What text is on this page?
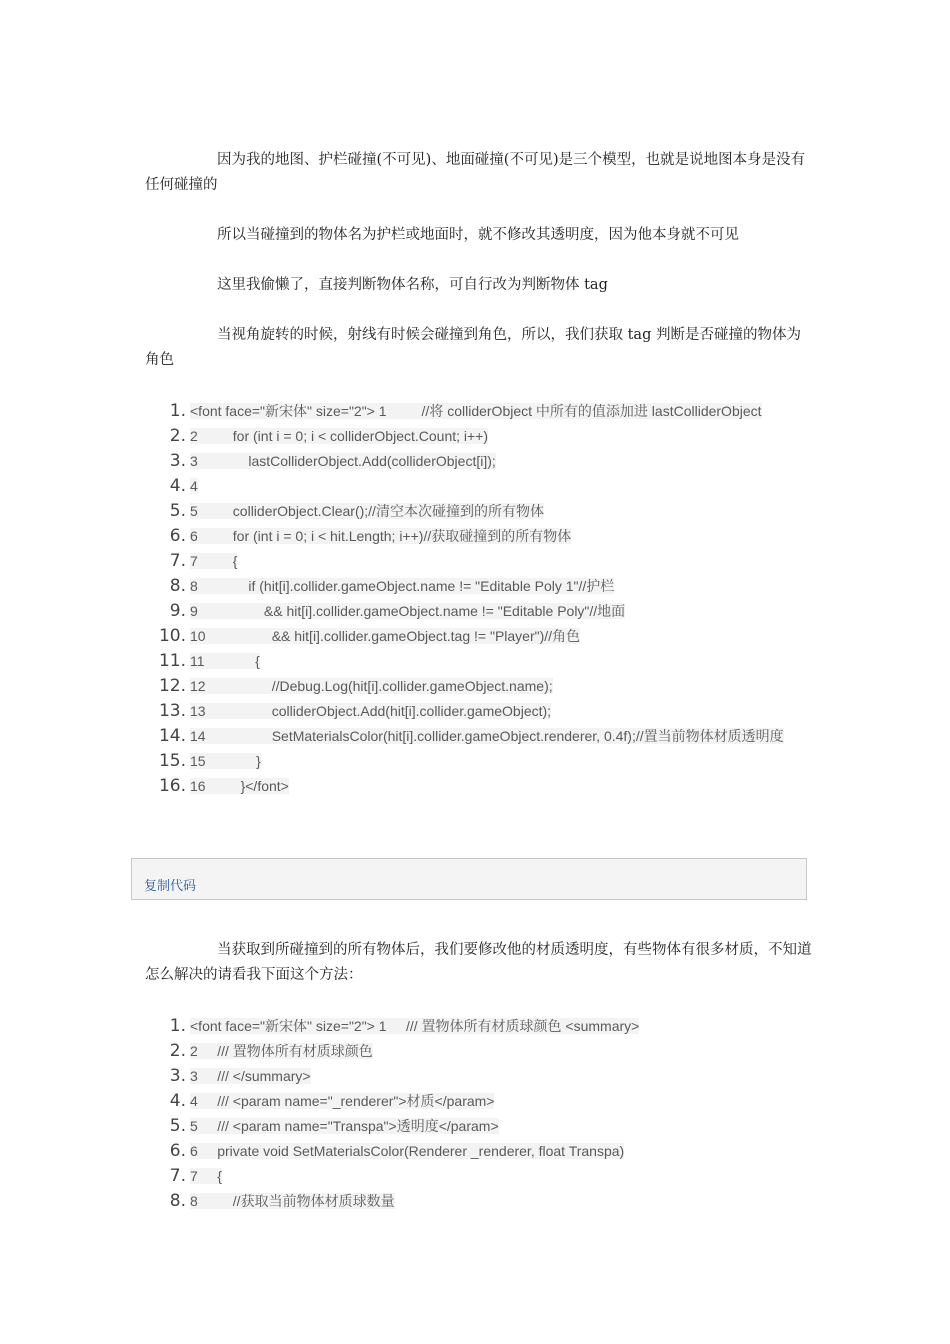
因为我的地图、护栏碰撞(不可见)、地面碰撞(不可见)是三个模型，也就是说地图本身是没有任何碰撞的

所以当碰撞到的物体名为护栏或地面时，就不修改其透明度，因为他本身就不可见

这里我偷懒了，直接判断物体名称，可自行改为判断物体 tag

当视角旋转的时候，射线有时候会碰撞到角色，所以，我们获取 tag 判断是否碰撞的物体为角色

1. <font face="新宋体" size="2"> 1         //将 colliderObject 中所有的值添加进 lastColliderObject
2. 2         for (int i = 0; i < colliderObject.Count; i++)
3. 3             lastColliderObject.Add(colliderObject[i]);
4. 4
5. 5         colliderObject.Clear();//清空本次碰撞到的所有物体
6. 6         for (int i = 0; i < hit.Length; i++)//获取碰撞到的所有物体
7. 7         {
8. 8             if (hit[i].collider.gameObject.name != "Editable Poly 1"//护栏
9. 9                 && hit[i].collider.gameObject.name != "Editable Poly"//地面
10. 10                 && hit[i].collider.gameObject.tag != "Player")//角色
11. 11             {
12. 12                 //Debug.Log(hit[i].collider.gameObject.name);
13. 13                 colliderObject.Add(hit[i].collider.gameObject);
14. 14                 SetMaterialsColor(hit[i].collider.gameObject.renderer, 0.4f);//置当前物体材质透明度
15. 15             }
16. 16         }</font>
复制代码

当获取到所碰撞到的所有物体后，我们要修改他的材质透明度，有些物体有很多材质，不知道怎么解决的请看我下面这个方法：

1. <font face="新宋体" size="2"> 1     /// 置物体所有材质球颜色 <summary>
2. 2     /// 置物体所有材质球颜色
3. 3     /// </summary>
4. 4     /// <param name="_renderer">材质</param>
5. 5     /// <param name="Transpa">透明度</param>
6. 6     private void SetMaterialsColor(Renderer _renderer, float Transpa)
7. 7     {
8. 8         //获取当前物体材质球数量
